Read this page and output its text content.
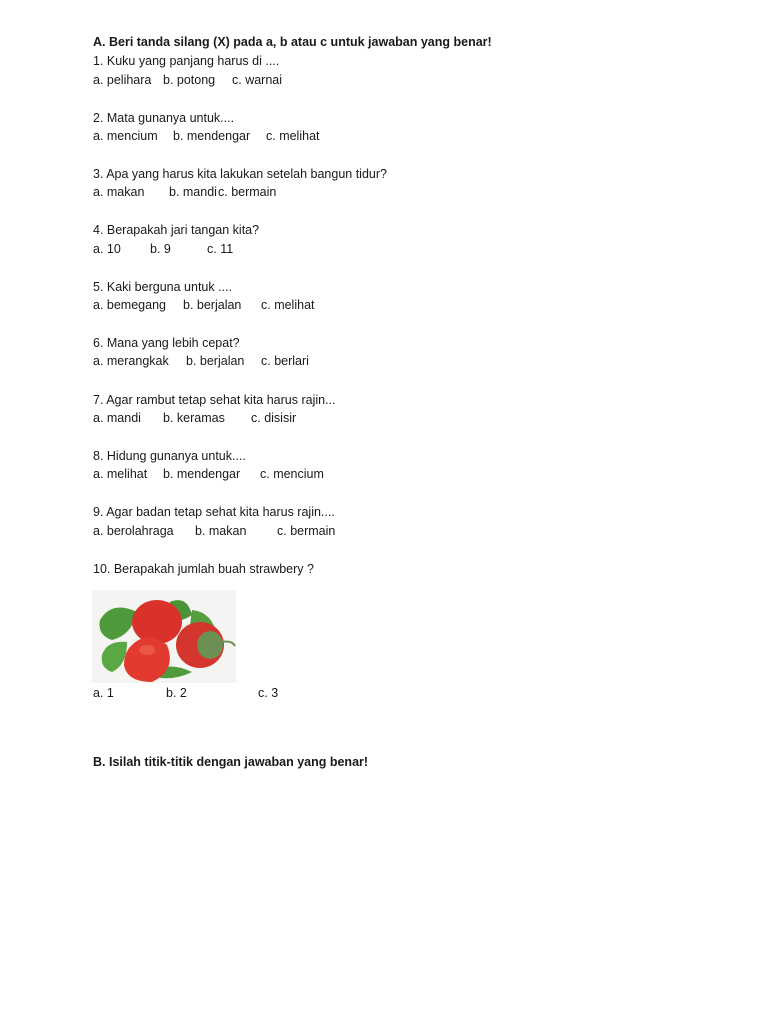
A. Beri tanda silang (X) pada a, b atau c untuk jawaban yang benar!
1. Kuku yang panjang harus di ....
a. pelihara b. potong c. warnai
2. Mata gunanya untuk....
a. mencium b. mendengar c. melihat
3. Apa yang harus kita lakukan setelah bangun tidur?
a. makan b. mandi c. bermain
4. Berapakah jari tangan kita?
a. 10 b. 9	c. 11
5. Kaki berguna untuk ....
a. bemegang b. berjalan c. melihat
6. Mana yang lebih cepat?
a. merangkak b. berjalan c. berlari
7. Agar rambut tetap sehat kita harus rajin...
a. mandi b. keramas c. disisir
8. Hidung gunanya untuk....
a. melihat b. mendengar c. mencium
9. Agar badan tetap sehat kita harus rajin....
a. berolahraga b. makan c. bermain
10. Berapakah jumlah buah strawbery ?
a. 1	b. 2	c. 3
B. Isilah titik-titik dengan jawaban yang benar!
